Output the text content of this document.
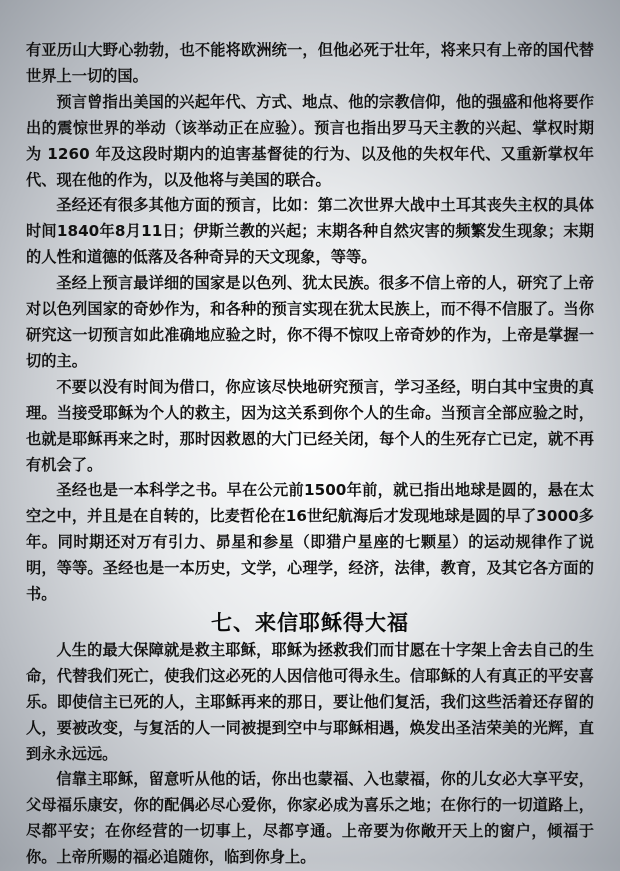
有亚历山大野心勃勃，也不能将欧洲统一，但他必死于壮年，将来只有上帝的国代替世界上一切的国。

预言曾指出美国的兴起年代、方式、地点、他的宗教信仰，他的强盛和他将要作出的震惊世界的举动（该举动正在应验）。预言也指出罗马天主教的兴起、掌权时期为 1260 年及这段时期内的迫害基督徒的行为、以及他的失权年代、又重新掌权年代、现在他的作为，以及他将与美国的联合。

圣经还有很多其他方面的预言，比如：第二次世界大战中土耳其丧失主权的具体时间1840年8月11日；伊斯兰教的兴起；末期各种自然灾害的频繁发生现象；末期的人性和道德的低落及各种奇异的天文现象，等等。

圣经上预言最详细的国家是以色列、犹太民族。很多不信上帝的人，研究了上帝对以色列国家的奇妙作为，和各种的预言实现在犹太民族上，而不得不信服了。当你研究这一切预言如此准确地应验之时，你不得不惊叹上帝奇妙的作为，上帝是掌握一切的主。

不要以没有时间为借口，你应该尽快地研究预言，学习圣经，明白其中宝贵的真理。当接受耶稣为个人的救主，因为这关系到你个人的生命。当预言全部应验之时，也就是耶稣再来之时，那时因救恩的大门已经关闭，每个人的生死存亡已定，就不再有机会了。

圣经也是一本科学之书。早在公元前1500年前，就已指出地球是圆的，悬在太空之中，并且是在自转的，比麦哲伦在16世纪航海后才发现地球是圆的早了3000多年。同时期还对万有引力、昴星和参星（即猎户星座的七颗星）的运动规律作了说明，等等。圣经也是一本历史，文学，心理学，经济，法律，教育，及其它各方面的书。

七、来信耶稣得大福

人生的最大保障就是救主耶稣，耶稣为拯救我们而甘愿在十字架上舍去自己的生命，代替我们死亡，使我们这必死的人因信他可得永生。信耶稣的人有真正的平安喜乐。即使信主已死的人，主耶稣再来的那日，要让他们复活，我们这些活着还存留的人，要被改变，与复活的人一同被提到空中与耶稣相遇，焕发出圣洁荣美的光辉，直到永永远远。

信靠主耶稣，留意听从他的话，你出也蒙福、入也蒙福，你的儿女必大享平安，父母福乐康安，你的配偶必尽心爱你，你家必成为喜乐之地；在你行的一切道路上，尽都平安；在你经营的一切事上，尽都亨通。上帝要为你敞开天上的窗户，倾福于你。上帝所赐的福必追随你，临到你身上。
